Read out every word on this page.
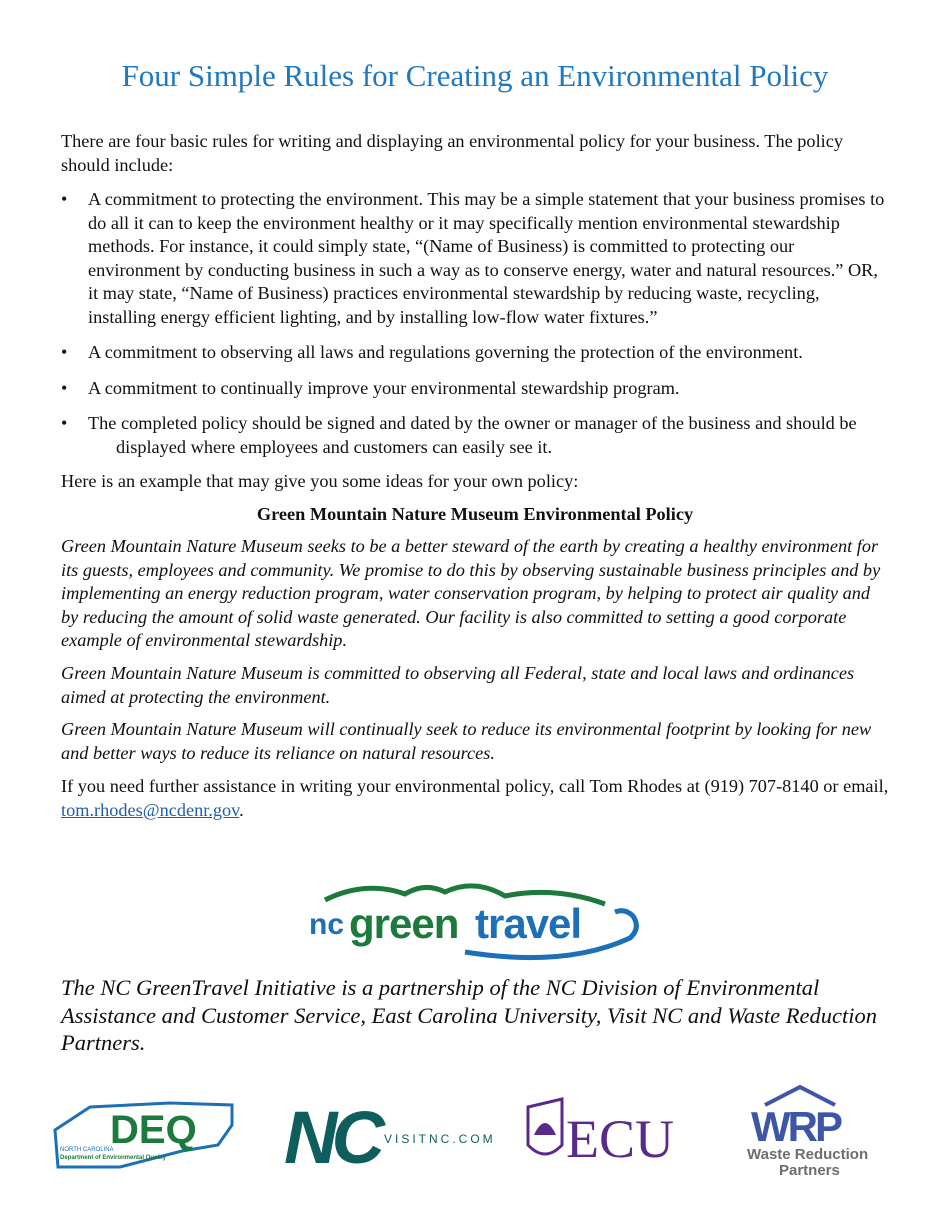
Four Simple Rules for Creating an Environmental Policy
There are four basic rules for writing and displaying an environmental policy for your business. The policy should include:
• A commitment to protecting the environment. This may be a simple statement that your business promises to do all it can to keep the environment healthy or it may specifically mention environmental stewardship methods. For instance, it could simply state, “(Name of Business) is committed to protecting our environment by conducting business in such a way as to conserve energy, water and natural resources.” OR, it may state, “Name of Business) practices environmental stewardship by reducing waste, recycling, installing energy efficient lighting, and by installing low-flow water fixtures.”
• A commitment to observing all laws and regulations governing the protection of the environment.
• A commitment to continually improve your environmental stewardship program.
• The completed policy should be signed and dated by the owner or manager of the business and should be
displayed where employees and customers can easily see it.
Here is an example that may give you some ideas for your own policy:
Green Mountain Nature Museum Environmental Policy
Green Mountain Nature Museum seeks to be a better steward of the earth by creating a healthy environment for its guests, employees and community. We promise to do this by observing sustainable business principles and by implementing an energy reduction program, water conservation program, by helping to protect air quality and by reducing the amount of solid waste generated. Our facility is also committed to setting a good corporate example of environmental stewardship.
Green Mountain Nature Museum is committed to observing all Federal, state and local laws and ordinances aimed at protecting the environment.
Green Mountain Nature Museum will continually seek to reduce its environmental footprint by looking for new and better ways to reduce its reliance on natural resources.
If you need further assistance in writing your environmental policy, call Tom Rhodes at (919) 707-8140 or email, tom.rhodes@ncdenr.gov.
nc green travel
The NC GreenTravel Initiative is a partnership of the NC Division of Environmental Assistance and Customer Service, East Carolina University, Visit NC and Waste Reduction Partners.
DEQ
NORTH CAROLINA
Department of Environmental Quality NC VISITNC.COM ECU WRP
Waste Reduction
Partners
